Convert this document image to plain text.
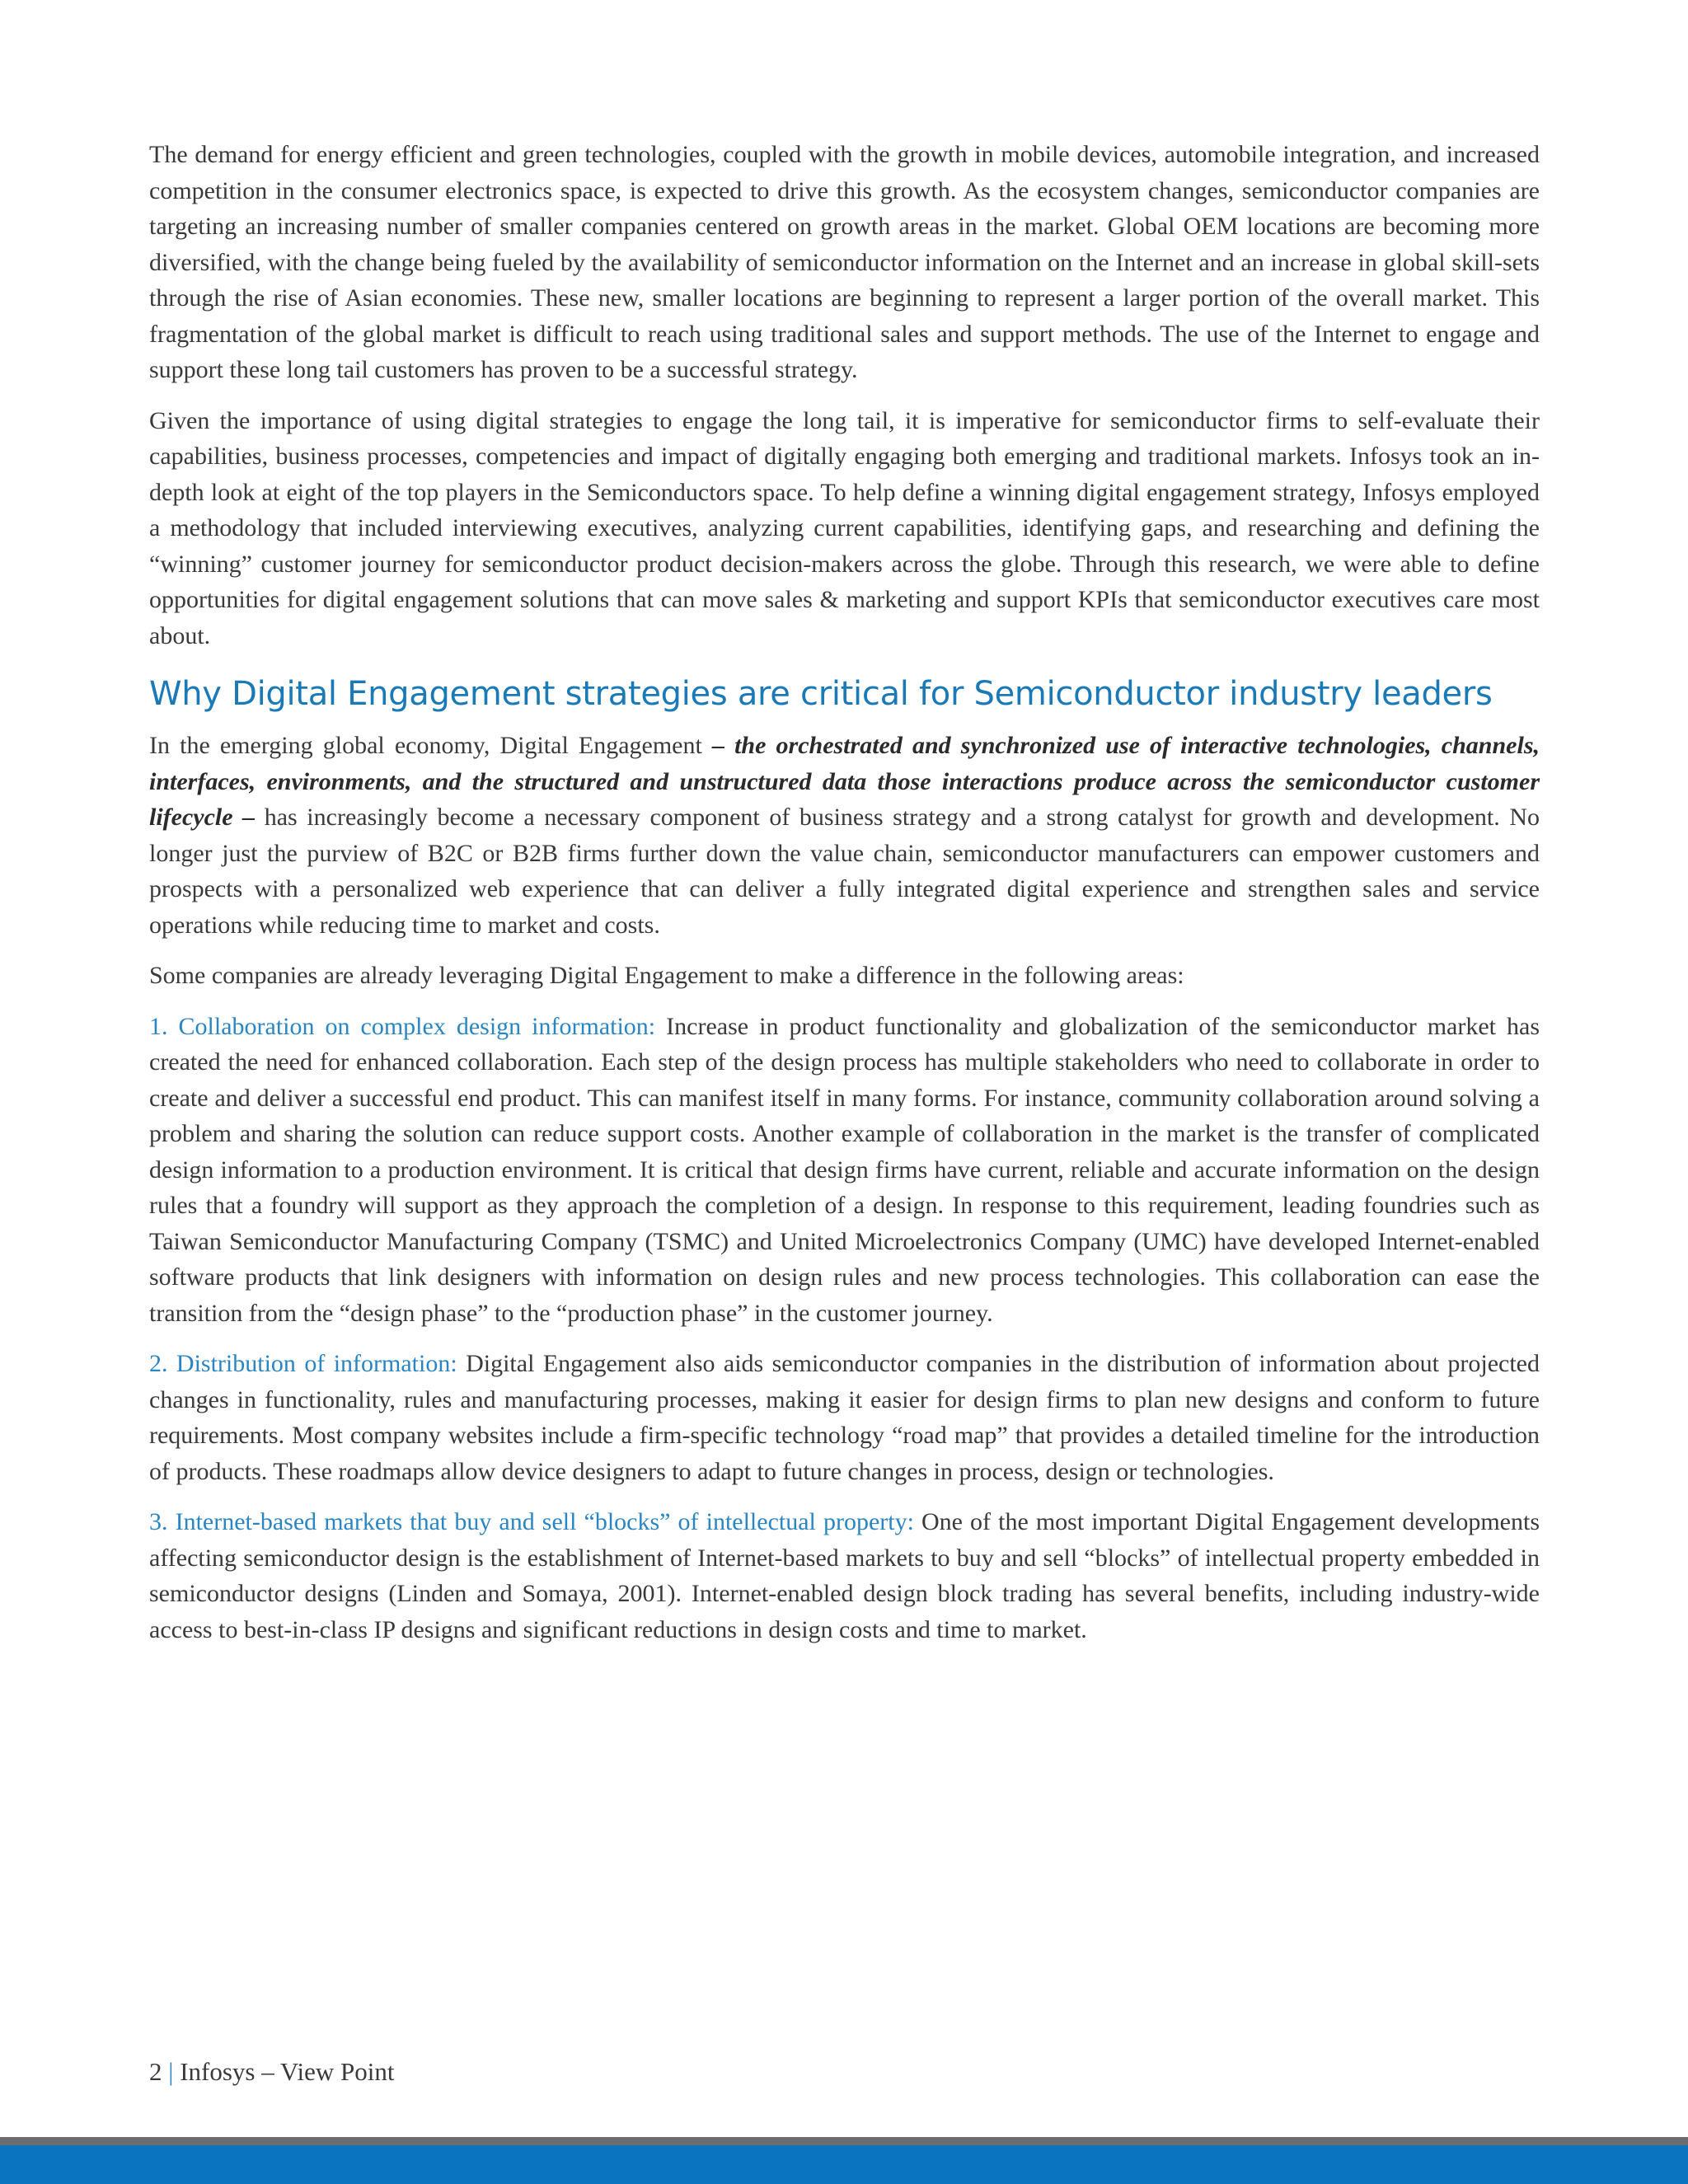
The demand for energy efficient and green technologies, coupled with the growth in mobile devices, automobile integration, and increased competition in the consumer electronics space, is expected to drive this growth. As the ecosystem changes, semiconductor companies are targeting an increasing number of smaller companies centered on growth areas in the market. Global OEM locations are becoming more diversified, with the change being fueled by the availability of semiconductor information on the Internet and an increase in global skill-sets through the rise of Asian economies. These new, smaller locations are beginning to represent a larger portion of the overall market. This fragmentation of the global market is difficult to reach using traditional sales and support methods. The use of the Internet to engage and support these long tail customers has proven to be a successful strategy.

Given the importance of using digital strategies to engage the long tail, it is imperative for semiconductor firms to self-evaluate their capabilities, business processes, competencies and impact of digitally engaging both emerging and traditional markets. Infosys took an in-depth look at eight of the top players in the Semiconductors space. To help define a winning digital engagement strategy, Infosys employed a methodology that included interviewing executives, analyzing current capabilities, identifying gaps, and researching and defining the “winning” customer journey for semiconductor product decision-makers across the globe. Through this research, we were able to define opportunities for digital engagement solutions that can move sales & marketing and support KPIs that semiconductor executives care most about.

Why Digital Engagement strategies are critical for Semiconductor industry leaders

In the emerging global economy, Digital Engagement – the orchestrated and synchronized use of interactive technologies, channels, interfaces, environments, and the structured and unstructured data those interactions produce across the semiconductor customer lifecycle – has increasingly become a necessary component of business strategy and a strong catalyst for growth and development. No longer just the purview of B2C or B2B firms further down the value chain, semiconductor manufacturers can empower customers and prospects with a personalized web experience that can deliver a fully integrated digital experience and strengthen sales and service operations while reducing time to market and costs.

Some companies are already leveraging Digital Engagement to make a difference in the following areas:

1. Collaboration on complex design information: Increase in product functionality and globalization of the semiconductor market has created the need for enhanced collaboration. Each step of the design process has multiple stakeholders who need to collaborate in order to create and deliver a successful end product. This can manifest itself in many forms. For instance, community collaboration around solving a problem and sharing the solution can reduce support costs. Another example of collaboration in the market is the transfer of complicated design information to a production environment. It is critical that design firms have current, reliable and accurate information on the design rules that a foundry will support as they approach the completion of a design. In response to this requirement, leading foundries such as Taiwan Semiconductor Manufacturing Company (TSMC) and United Microelectronics Company (UMC) have developed Internet-enabled software products that link designers with information on design rules and new process technologies. This collaboration can ease the transition from the “design phase” to the “production phase” in the customer journey.

2. Distribution of information: Digital Engagement also aids semiconductor companies in the distribution of information about projected changes in functionality, rules and manufacturing processes, making it easier for design firms to plan new designs and conform to future requirements. Most company websites include a firm-specific technology “road map” that provides a detailed timeline for the introduction of products. These roadmaps allow device designers to adapt to future changes in process, design or technologies.

3. Internet-based markets that buy and sell “blocks” of intellectual property: One of the most important Digital Engagement developments affecting semiconductor design is the establishment of Internet-based markets to buy and sell “blocks” of intellectual property embedded in semiconductor designs (Linden and Somaya, 2001). Internet-enabled design block trading has several benefits, including industry-wide access to best-in-class IP designs and significant reductions in design costs and time to market.

2 | Infosys – View Point
